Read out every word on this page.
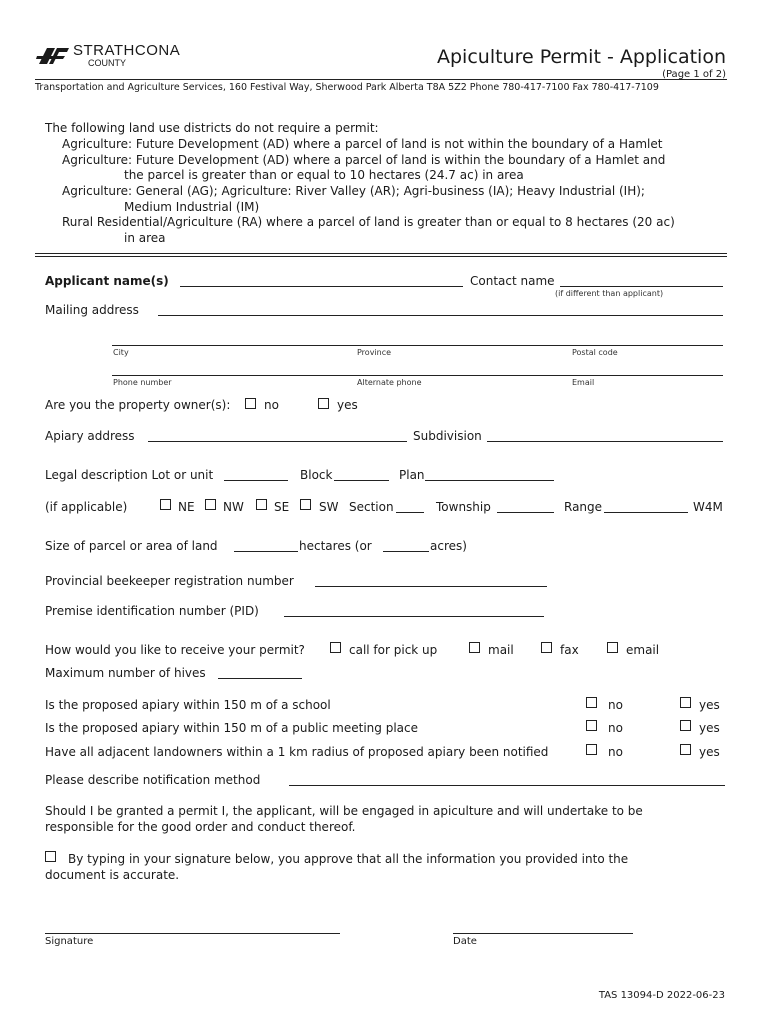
STRATHCONA
COUNTY	Apiculture Permit - Application
(Page 1 of 2)
Transportation and Agriculture Services, 160 Festival Way, Sherwood Park Alberta T8A 5Z2 Phone 780-417-7100 Fax 780-417-7109
The following land use districts do not require a permit:
Agriculture: Future Development (AD) where a parcel of land is not within the boundary of a Hamlet
Agriculture: Future Development (AD) where a parcel of land is within the boundary of a Hamlet and
the parcel is greater than or equal to 10 hectares (24.7 ac) in area
Agriculture: General (AG); Agriculture: River Valley (AR); Agri-business (IA); Heavy Industrial (IH);
Medium Industrial (IM)
Rural Residential/Agriculture (RA) where a parcel of land is greater than or equal to 8 hectares (20 ac)
in area
Applicant name(s)	Contact name
(if different than applicant)
Mailing address
City	Province	Postal code
Phone number	Alternate phone	Email
Are you the property owner(s):	no	yes
Apiary address	Subdivision
Legal description Lot or unit	Block	Plan
(if applicable)	NE NW	SE SW Section	Township	Range	W4M
Size of parcel or area of land	hectares (or	acres)
Provincial beekeeper registration number
Premise identification number (PID)
How would you like to receive your permit?	call for pick up	mail	fax	email
Maximum number of hives
Is the proposed apiary within 150 m of a school	no	yes
Is the proposed apiary within 150 m of a public meeting place	no	yes
Have all adjacent landowners within a 1 km radius of proposed apiary been notified	no	yes
Please describe notification method
Should I be granted a permit I, the applicant, will be engaged in apiculture and will undertake to be
responsible for the good order and conduct thereof.
By typing in your signature below, you approve that all the information you provided into the
document is accurate.
Signature	Date
TAS 13094-D 2022-06-23
